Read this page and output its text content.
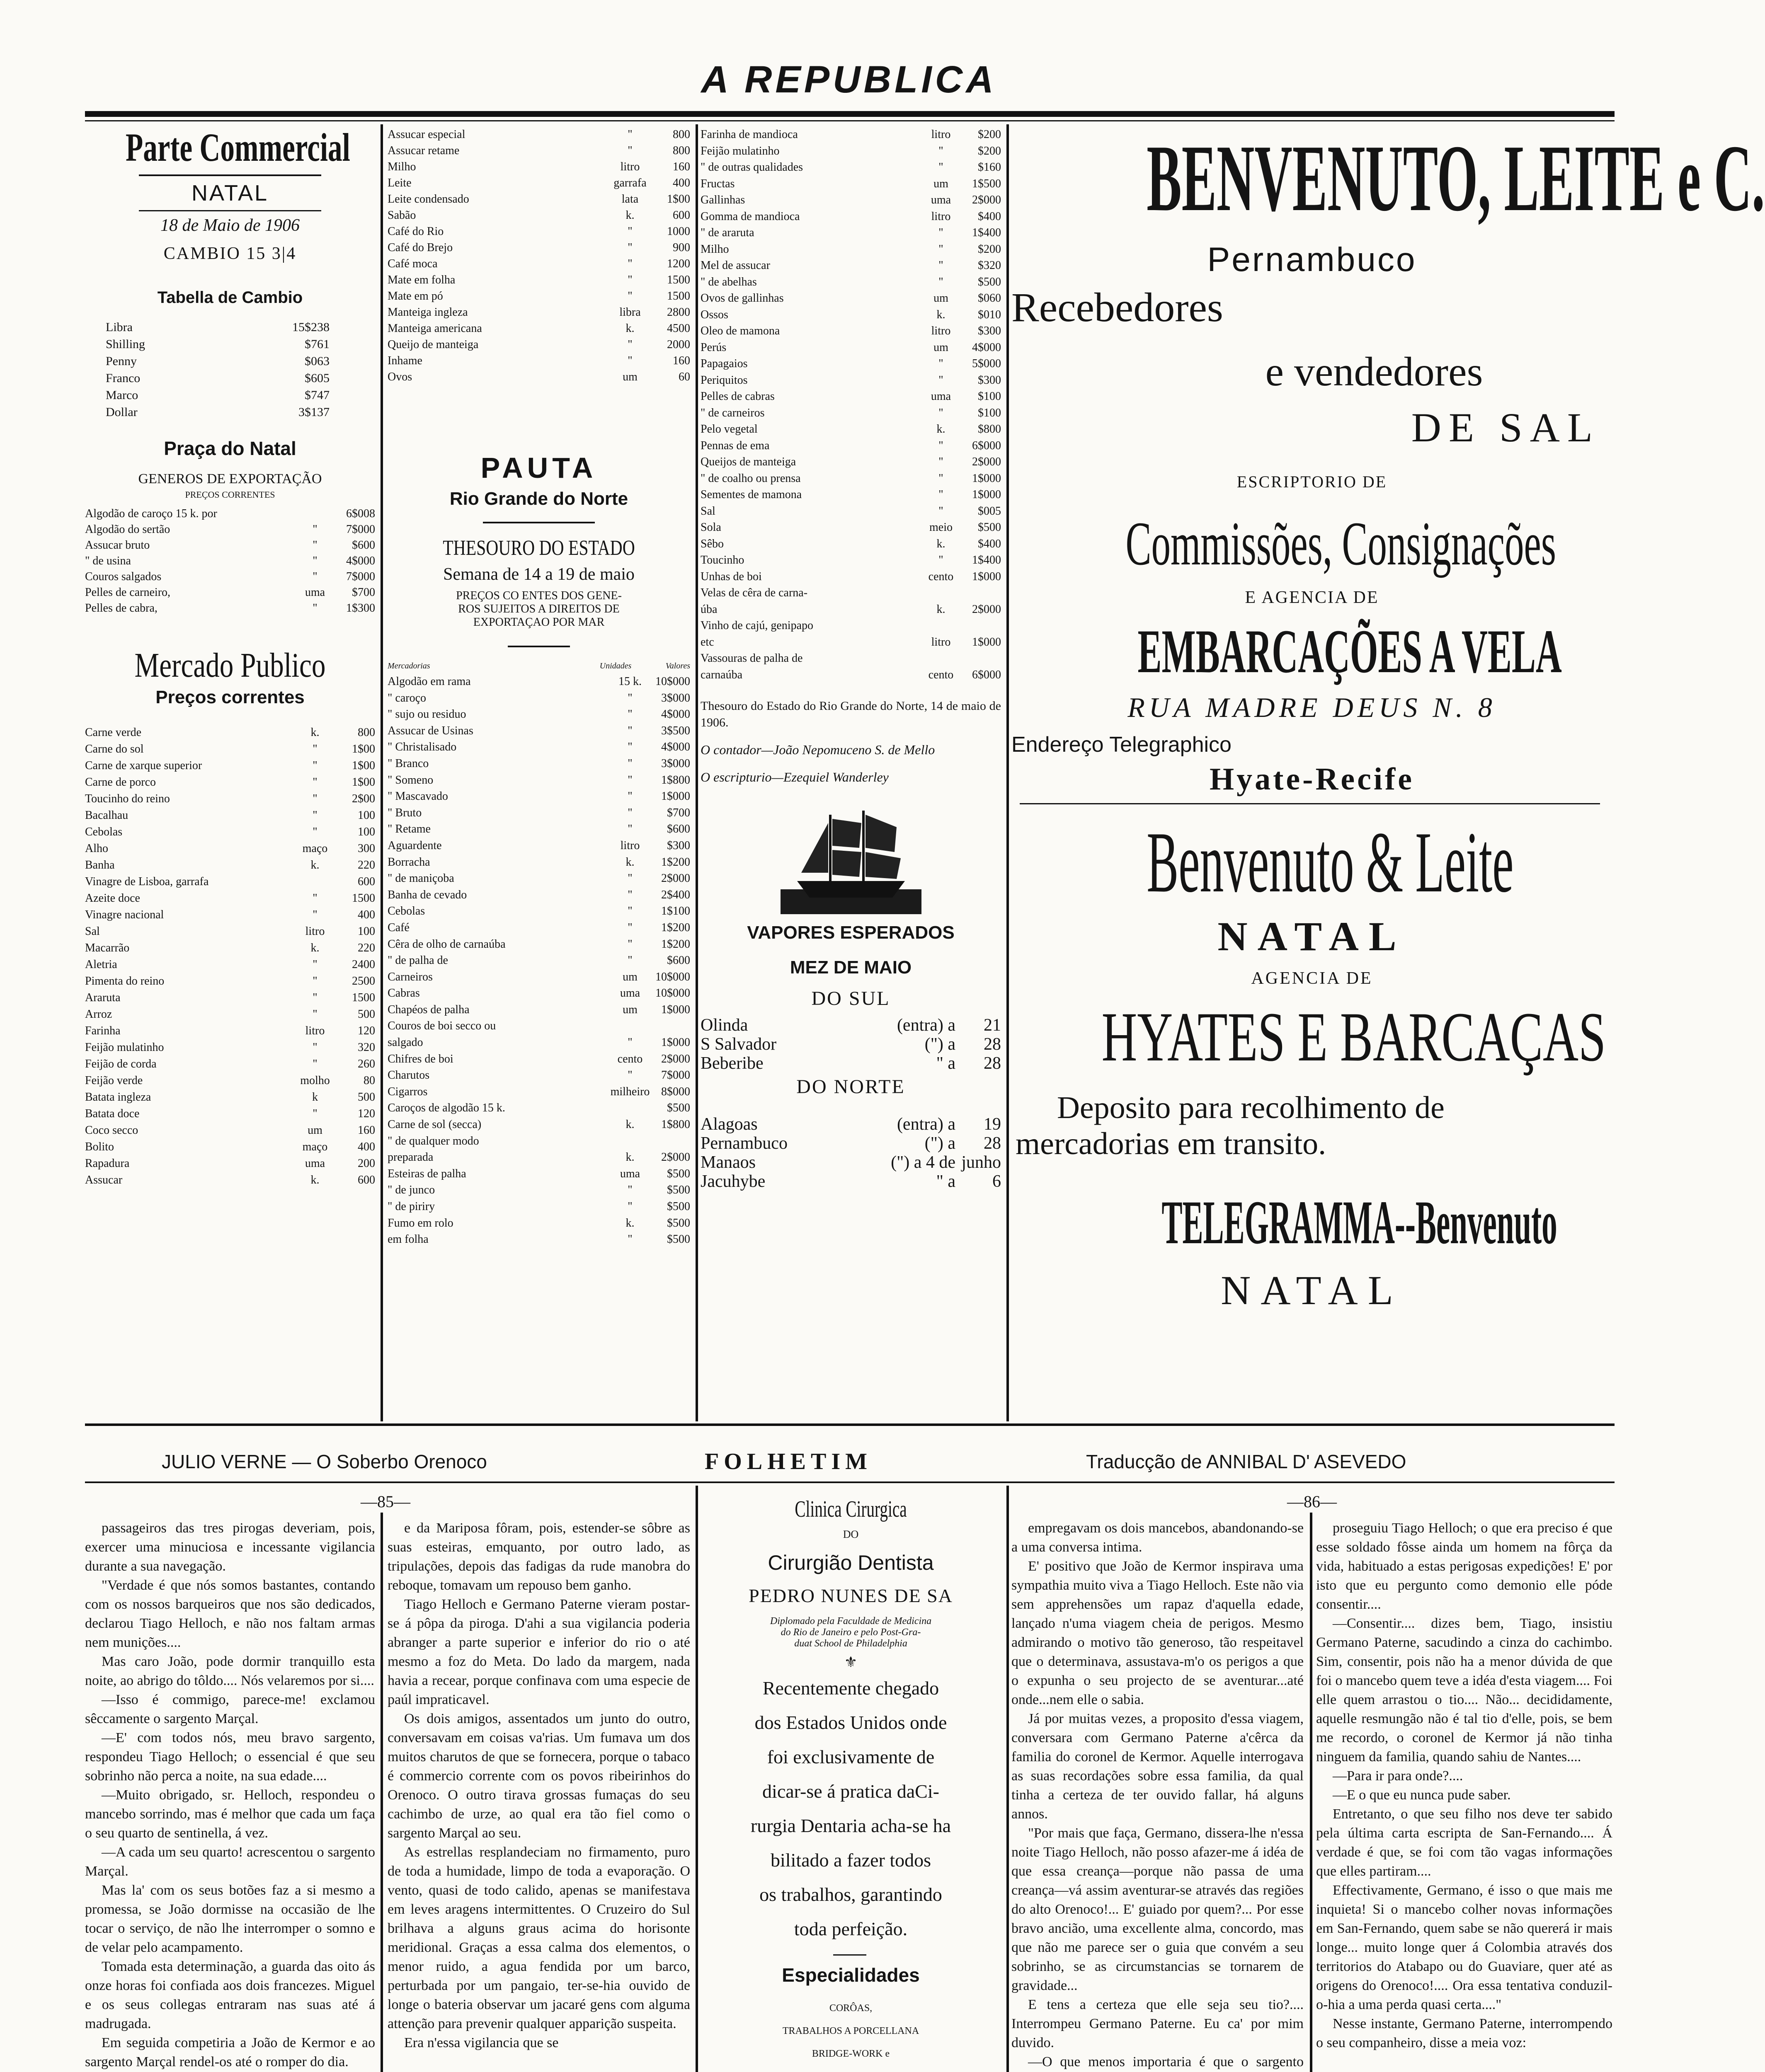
A REPUBLICA
Parte Commercial
NATAL
18 de Maio de 1906
CAMBIO 15 3|4
Tabella de Cambio
Libra	15$238
Shilling	$761
Penny	$063
Franco	$605
Marco	$747
Dollar	3$137
Praça do Natal
GENEROS DE EXPORTAÇÃO
PREÇOS CORRENTES
Algodão de caroço 15 k. por	6$008
Algodão do sertão	"	7$000
Assucar bruto	"	$600
" de usina	"	4$000
Couros salgados	"	7$000
Pelles de carneiro,	uma	$700
Pelles de cabra,	"	1$300
Mercado Publico
Preços correntes
Carne verde	k.	800
Carne do sol	"	1$00
Carne de xarque superior	"	1$00
Carne de porco	"	1$00
Toucinho do reino	"	2$00
Bacalhau	"	100
Cebolas	"	100
Alho	maço	300
Banha	k.	220
Vinagre de Lisboa, garrafa	600
Azeite doce	"	1500
Vinagre nacional	"	400
Sal	litro	100
Macarrão	k.	220
Aletria	"	2400
Pimenta do reino	"	2500
Araruta	"	1500
Arroz	"	500
Farinha	litro	120
Feijão mulatinho	"	320
Feijão de corda	"	260
Feijão verde	molho	80
Batata ingleza	k	500
Batata doce	"	120
Coco secco	um	160
Bolito	maço	400
Rapadura	uma	200
Assucar	k.	600
Assucar especial	"	800
Assucar retame	"	800
Milho	litro	160
Leite	garrafa	400
Leite condensado	lata	1$00
Sabão	k.	600
Café do Rio	"	1000
Café do Brejo	"	900
Café moca	"	1200
Mate em folha	"	1500
Mate em pó	"	1500
Manteiga ingleza	libra	2800
Manteiga americana	k.	4500
Queijo de manteiga	"	2000
Inhame	"	160
Ovos	um	60
PAUTA
Rio Grande do Norte
THESOURO DO ESTADO
Semana de 14 a 19 de maio
PREÇOS CO ENTES DOS GENE-
ROS SUJEITOS A DIREITOS DE
EXPORTAÇAO POR MAR
Mercadorias	Unidades	Valores
Algodão em rama	15 k.	10$000
" caroço	"	3$000
" sujo ou residuo	"	4$000
Assucar de Usinas	"	3$500
" Christalisado	"	4$000
" Branco	"	3$000
" Someno	"	1$800
" Mascavado	"	1$000
" Bruto	"	$700
" Retame	"	$600
Aguardente	litro	$300
Borracha	k.	1$200
" de maniçoba	"	2$000
Banha de cevado	"	2$400
Cebolas	"	1$100
Café	"	1$200
Cêra de olho de carnaúba	"	1$200
" de palha de	"	$600
Carneiros	um	10$000
Cabras	uma	10$000
Chapéos de palha	um	1$000
Couros de boi secco ou
salgado	"	1$000
Chifres de boi	cento	2$000
Charutos	"	7$000
Cigarros	milheiro 8$000
Caroços de algodão 15 k.	$500
Carne de sol (secca)	k.	1$800
" de qualquer modo
preparada	k.	2$000
Esteiras de palha	uma	$500
" de junco	"	$500
" de piriry	"	$500
Fumo em rolo	k.	$500
em folha	"	$500
Farinha de mandioca	litro	$200
Feijão mulatinho	"	$200
" de outras qualidades	"	$160
Fructas	um	1$500
Gallinhas	uma	2$000
Gomma de mandioca	litro	$400
" de araruta	"	1$400
Milho	"	$200
Mel de assucar	"	$320
" de abelhas	"	$500
Ovos de gallinhas	um	$060
Ossos	k.	$010
Oleo de mamona	litro	$300
Perús	um	4$000
Papagaios	"	5$000
Periquitos	"	$300
Pelles de cabras	uma	$100
" de carneiros	"	$100
Pelo vegetal	k.	$800
Pennas de ema	"	6$000
Queijos de manteiga	"	2$000
" de coalho ou prensa	"	1$000
Sementes de mamona	"	1$000
Sal	"	$005
Sola	meio	$500
Sêbo	k.	$400
Toucinho	"	1$400
Unhas de boi	cento	1$000
Velas de cêra de carna-
úba	k.	2$000
Vinho de cajú, genipapo
etc	litro	1$000
Vassouras de palha de
carnaúba	cento	6$000
Thesouro do Estado do Rio Grande do Norte, 14 de maio de 1906.
O contador—João Nepomuceno S. de Mello
O escripturio—Ezequiel Wanderley
VAPORES ESPERADOS
MEZ DE MAIO
DO SUL
Olinda	(entra) a	21
S Salvador	(") a	28
Beberibe	" a	28
DO NORTE
Alagoas	(entra) a	19
Pernambuco	(") a	28
Manaos	(") a 4 de junho
Jacuhybe	" a	6
BENVENUTO, LEITE e C.
Pernambuco
Recebedores
e vendedores
DE SAL
ESCRIPTORIO DE
Commissões, Consignações
E AGENCIA DE
EMBARCAÇÕES A VELA
RUA MADRE DEUS N. 8
Endereço Telegraphico
Hyate-Recife
Benvenuto & Leite
NATAL
AGENCIA DE
HYATES E BARCAÇAS
Deposito para recolhimento de
mercadorias em transito.
TELEGRAMMA--Benvenuto
NATAL
JULIO VERNE — O Soberbo Orenoco	FOLHETIM	Traducção de ANNIBAL D' ASEVEDO
—85—	—86—

passageiros das tres pirogas deveriam, pois, exercer uma minuciosa e incessante vigilancia durante a sua navegação.

"Verdade é que nós somos bastantes, contando com os nossos barqueiros que nos são dedicados, declarou Tiago Helloch, e não nos faltam armas nem munições....

Mas caro João, pode dormir tranquillo esta noite, ao abrigo do tôldo.... Nós velaremos por si....

—Isso é commigo, parece-me! exclamou sêccamente o sargento Marçal.

—E' com todos nós, meu bravo sargento, respondeu Tiago Helloch; o essencial é que seu sobrinho não perca a noite, na sua edade....

—Muito obrigado, sr. Helloch, respondeu o mancebo sorrindo, mas é melhor que cada um faça o seu quarto de sentinella, á vez.

—A cada um seu quarto! acrescentou o sargento Marçal.

Mas la' com os seus botões faz a si mesmo a promessa, se João dormisse na occasião de lhe tocar o serviço, de não lhe interromper o somno e de velar pelo acampamento.

Tomada esta determinação, a guarda das oito ás onze horas foi confiada aos dois francezes. Miguel e os seus collegas entraram nas suas até á madrugada.

Em seguida competiria a João de Kermor e ao sargento Marçal rendel-os até o romper do dia.

e da Mariposa fôram, pois, estender-se sôbre as suas esteiras, emquanto, por outro lado, as tripulações, depois das fadigas da rude manobra do reboque, tomavam um repouso bem ganho.

Tiago Helloch e Germano Paterne vieram postar-se á pôpa da piroga. D'ahi a sua vigilancia poderia abranger a parte superior e inferior do rio o até mesmo a foz do Meta. Do lado da margem, nada havia a recear, porque confinava com uma especie de paúl impraticavel.

Os dois amigos, assentados um junto do outro, conversavam em coisas va'rias. Um fumava um dos muitos charutos de que se fornecera, porque o tabaco é commercio corrente com os povos ribeirinhos do Orenoco. O outro tirava grossas fumaças do seu cachimbo de urze, ao qual era tão fiel como o sargento Marçal ao seu.

As estrellas resplandeciam no firmamento, puro de toda a humidade, limpo de toda a evaporação. O vento, quasi de todo calido, apenas se manifestava em leves aragens intermittentes. O Cruzeiro do Sul brilhava a alguns graus acima do horisonte meridional. Graças a essa calma dos elementos, o menor ruido, a agua fendida por um barco, perturbada por um pangaio, ter-se-hia ouvido de longe o bateria observar um jacaré gens com alguma attenção para prevenir qualquer apparição suspeita.

Era n'essa vigilancia que se

empregavam os dois mancebos, abandonando-se a uma conversa intima.

E' positivo que João de Kermor inspirava uma sympathia muito viva a Tiago Helloch. Este não via sem apprehensões um rapaz d'aquella edade, lançado n'uma viagem cheia de perigos. Mesmo admirando o motivo tão generoso, tão respeitavel que o determinava, assustava-m'o os perigos a que o expunha o seu projecto de se aventurar...até onde...nem elle o sabia.

Já por muitas vezes, a proposito d'essa viagem, conversara com Germano Paterne a'cêrca da familia do coronel de Kermor. Aquelle interrogava as suas recordações sobre essa familia, da qual tinha a certeza de ter ouvido fallar, há alguns annos.

"Por mais que faça, Germano, dissera-lhe n'essa noite Tiago Helloch, não posso afazer-me á idéa de que essa creança—porque não passa de uma creança—vá assim aventurar-se através das regiões do alto Orenoco!... E' guiado por quem?... Por esse bravo ancião, uma excellente alma, concordo, mas que não me parece ser o guia que convém a seu sobrinho, se as circumstancias se tornarem de gravidade...

E tens a certeza que elle seja seu tio?.... Interrompeu Germano Paterne. Eu ca' por mim duvido.

—O que menos importaria é que o sargento

proseguiu Tiago Helloch; o que era preciso é que esse soldado fôsse ainda um homem na fôrça da vida, habituado a estas perigosas expedições! E' por isto que eu pergunto como demonio elle póde consentir....

—Consentir.... dizes bem, Tiago, insistiu Germano Paterne, sacudindo a cinza do cachimbo. Sim, consentir, pois não ha a menor dúvida de que foi o mancebo quem teve a idéa d'esta viagem.... Foi elle quem arrastou o tio.... Não... decididamente, aquelle resmungão não é tal tio d'elle, pois, se bem me recordo, o coronel de Kermor já não tinha ninguem da familia, quando sahiu de Nantes....

—Para ir para onde?....

—E o que eu nunca pude saber.

Entretanto, o que seu filho nos deve ter sabido pela última carta escripta de San-Fernando.... Á verdade é que, se foi com tão vagas informações que elles partiram....

Effectivamente, Germano, é isso o que mais me inquieta! Si o mancebo colher novas informações em San-Fernando, quem sabe se não quererá ir mais longe... muito longe quer á Colombia através dos territorios do Atabapo ou do Guaviare, quer até as origens do Orenoco!.... Ora essa tentativa conduzil-o-hia a uma perda quasi certa...."

Nesse instante, Germano Paterne, interrompendo o seu companheiro, disse a meia voz:

Clinica Cirurgica
DO
Cirurgião Dentista
PEDRO NUNES DE SA
Diplomado pela Faculdade de Medicina
do Rio de Janeiro e pelo Post-Gra-
duat School de Philadelphia
⚜
Recentemente chegado
dos Estados Unidos onde
foi exclusivamente de
dicar-se á pratica daCi-
rurgia Dentaria acha-se ha
bilitado a fazer todos
os trabalhos, garantindo
toda perfeição.
Especialidades
CORÔAS,
TRABALHOS A PORCELLANA
BRIDGE-WORK e
